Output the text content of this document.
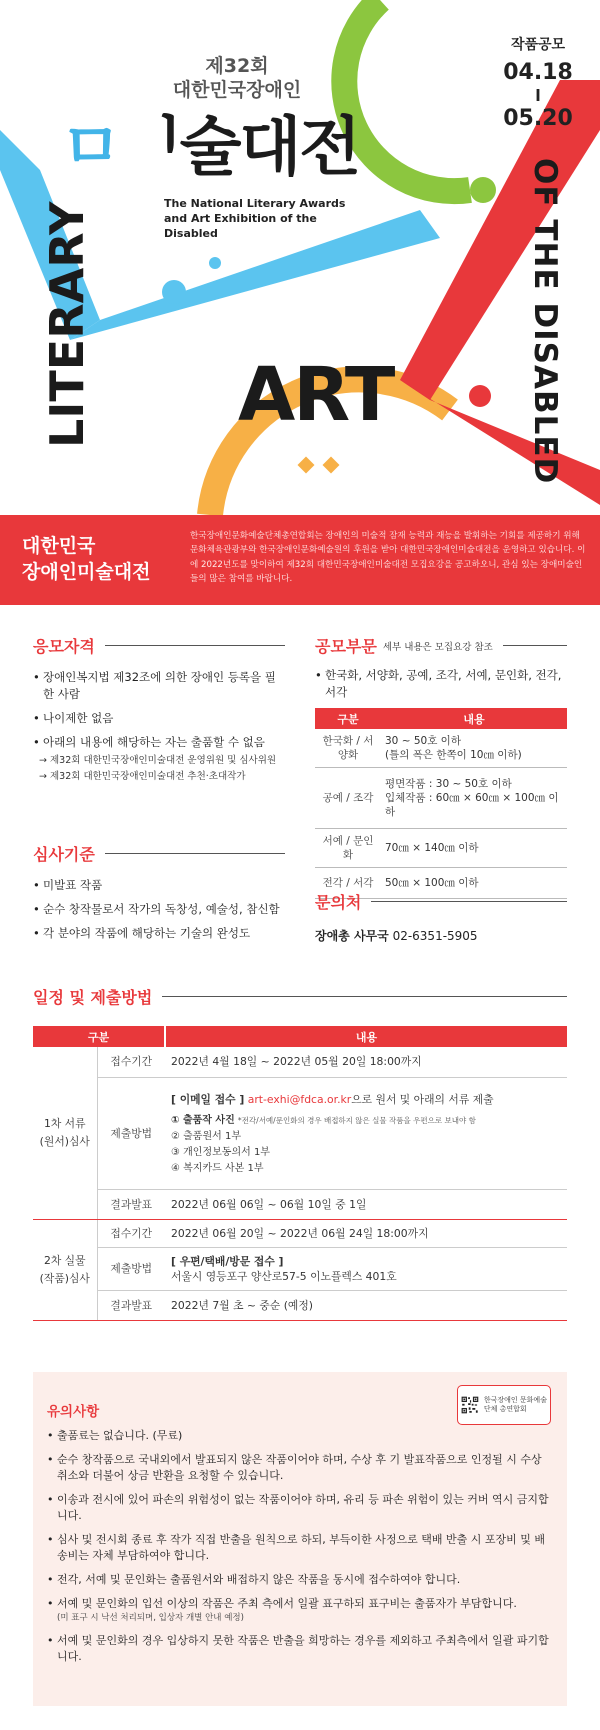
제32회
대한민국장애인
ㅁᅵ술대전
The National Literary Awards and Art Exhibition of the Disabled
작품공모
04.18
l
05.20
LITERARY	OF THE DISABLED
ART
대한민국
장애인미술대전
한국장애인문화예술단체총연합회는 장애인의 미술적 잠재 능력과 재능을 발휘하는 기회를 제공하기 위해 문화체육관광부와 한국장애인문화예술원의 후원을 받아 대한민국장애인미술대전을 운영하고 있습니다. 이에 2022년도를 맞이하여 제32회 대한민국장애인미술대전 모집요강을 공고하오니, 관심 있는 장애미술인들의 많은 참여를 바랍니다.
응모자격
• 장애인복지법 제32조에 의한 장애인 등록을 필한 사람
• 나이제한 없음
• 아래의 내용에 해당하는 자는 출품할 수 없음
→ 제32회 대한민국장애인미술대전 운영위원 및 심사위원
→ 제32회 대한민국장애인미술대전 추천·초대작가
심사기준
• 미발표 작품
• 순수 창작물로서 작가의 독창성, 예술성, 참신함
• 각 분야의 작품에 해당하는 기술의 완성도
공모부문 세부 내용은 모집요강 참조
• 한국화, 서양화, 공예, 조각, 서예, 문인화, 전각, 서각
구분	내용
한국화 / 서양화	30 ~ 50호 이하
(틀의 폭은 한쪽이 10㎝ 이하)

공예 / 조각	평면작품 : 30 ~ 50호 이하
입체작품 : 60㎝ × 60㎝ × 100㎝ 이하

서예 / 문인화	70㎝ × 140㎝ 이하

전각 / 서각	50㎝ × 100㎝ 이하
문의처
장애총 사무국 02-6351-5905
일정 및 제출방법
구분		내용

1차 서류
(원서)심사	접수기간	2022년 4월 18일 ~ 2022년 05월 20일 18:00까지
	제출방법	[ 이메일 접수 ] art-exhi@fdca.or.kr으로 원서 및 아래의 서류 제출
① 출품작 사진 *전각/서예/문인화의 경우 배접하지 않은 실물 작품을 우편으로 보내야 함
② 출품원서 1부
③ 개인정보동의서 1부
④ 복지카드 사본 1부

	결과발표	2022년 06월 06일 ~ 06월 10일 중 1일

2차 실물
(작품)심사	접수기간	2022년 06월 20일 ~ 2022년 06월 24일 18:00까지
	제출방법	[ 우편/택배/방문 접수 ]
서울시 영등포구 양산로57-5 이노플렉스 401호

	결과발표	2022년 7월 초 ~ 중순 (예정)
유의사항
한국장애인 문화예술단체 총연합회
• 출품료는 없습니다. (무료)
• 순수 창작품으로 국내외에서 발표되지 않은 작품이어야 하며, 수상 후 기 발표작품으로 인정될 시 수상 취소와 더불어 상금 반환을 요청할 수 있습니다.
• 이송과 전시에 있어 파손의 위험성이 없는 작품이어야 하며, 유리 등 파손 위험이 있는 커버 역시 금지합니다.
• 심사 및 전시회 종료 후 작가 직접 반출을 원칙으로 하되, 부득이한 사정으로 택배 반출 시 포장비 및 배송비는 자체 부담하여야 합니다.
• 전각, 서예 및 문인화는 출품원서와 배접하지 않은 작품을 동시에 접수하여야 합니다.
• 서예 및 문인화의 입선 이상의 작품은 주최 측에서 일괄 표구하되 표구비는 출품자가 부담합니다.
(미 표구 시 낙선 처리되며, 입상자 개별 안내 예정)
• 서예 및 문인화의 경우 입상하지 못한 작품은 반출을 희망하는 경우를 제외하고 주최측에서 일괄 파기합니다.
